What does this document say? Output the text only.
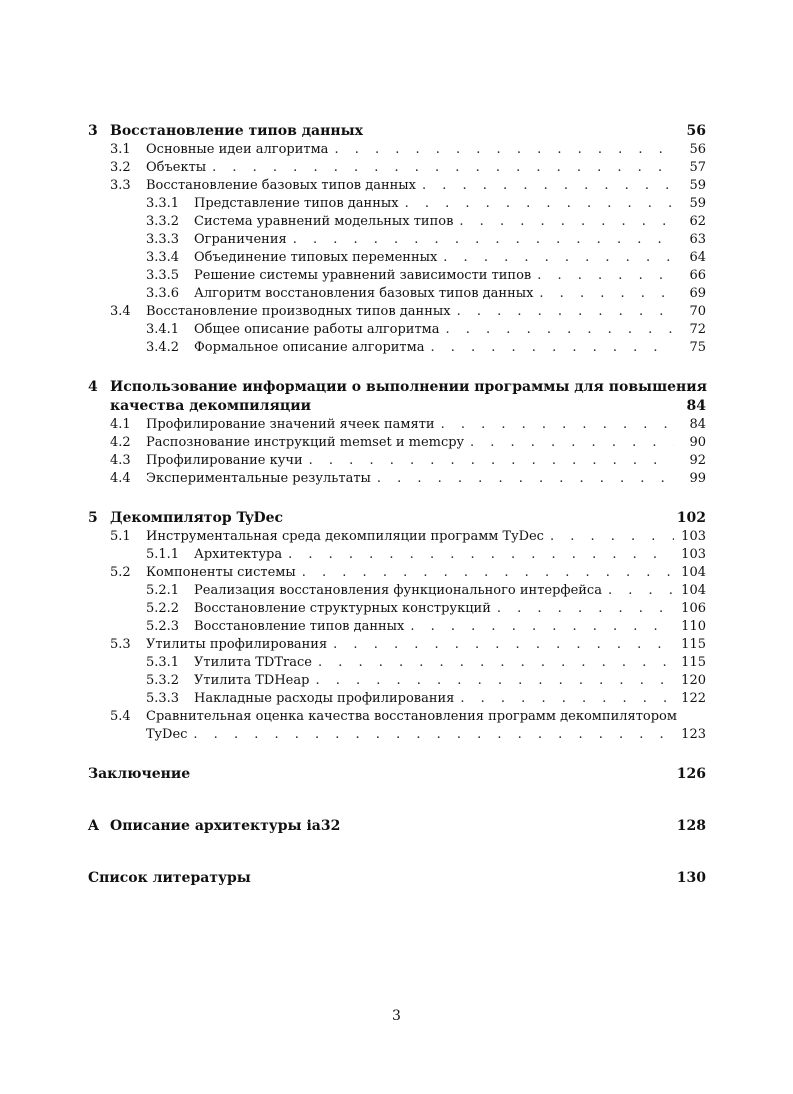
3 Восстановление типов данных	56
3.1	Основные идеи алгоритма . . .	56
3.2	Объекты . . .	57
3.3	Восстановление базовых типов данных . . .	59
3.3.1	Представление типов данных . . .	59
3.3.2	Система уравнений модельных типов . . .	62
3.3.3	Ограничения . . .	63
3.3.4	Объединение типовых переменных . . .	64
3.3.5	Решение системы уравнений зависимости типов . . .	66
3.3.6	Алгоритм восстановления базовых типов данных . . .	69
3.4	Восстановление производных типов данных . . .	70
3.4.1	Общее описание работы алгоритма . . .	72
3.4.2	Формальное описание алгоритма . . .	75
4 Использование информации о выполнении программы для повышения
качества декомпиляции	84
4.1	Профилирование значений ячеек памяти . . .	84
4.2	Распознование инструкций memset и memcpy . . .	90
4.3	Профилирование кучи . . .	92
4.4	Экспериментальные результаты . . .	99
5 Декомпилятор TyDec	102
5.1	Инструментальная среда декомпиляции программ TyDec . . .	103
5.1.1	Архитектура . . .	103
5.2	Компоненты системы . . .	104
5.2.1	Реализация восстановления функционального интерфейса . . .	104
5.2.2	Восстановление структурных конструкций . . .	106
5.2.3	Восстановление типов данных . . .	110
5.3	Утилиты профилирования . . .	115
5.3.1	Утилита TDTrace . . .	115
5.3.2	Утилита TDHeap . . .	120
5.3.3	Накладные расходы профилирования . . .	122
5.4	Сравнительная оценка качества восстановления программ декомпилятором
TyDec . . .	123
Заключение	126
A Описание архитектуры ia32	128
Список литературы	130
3
